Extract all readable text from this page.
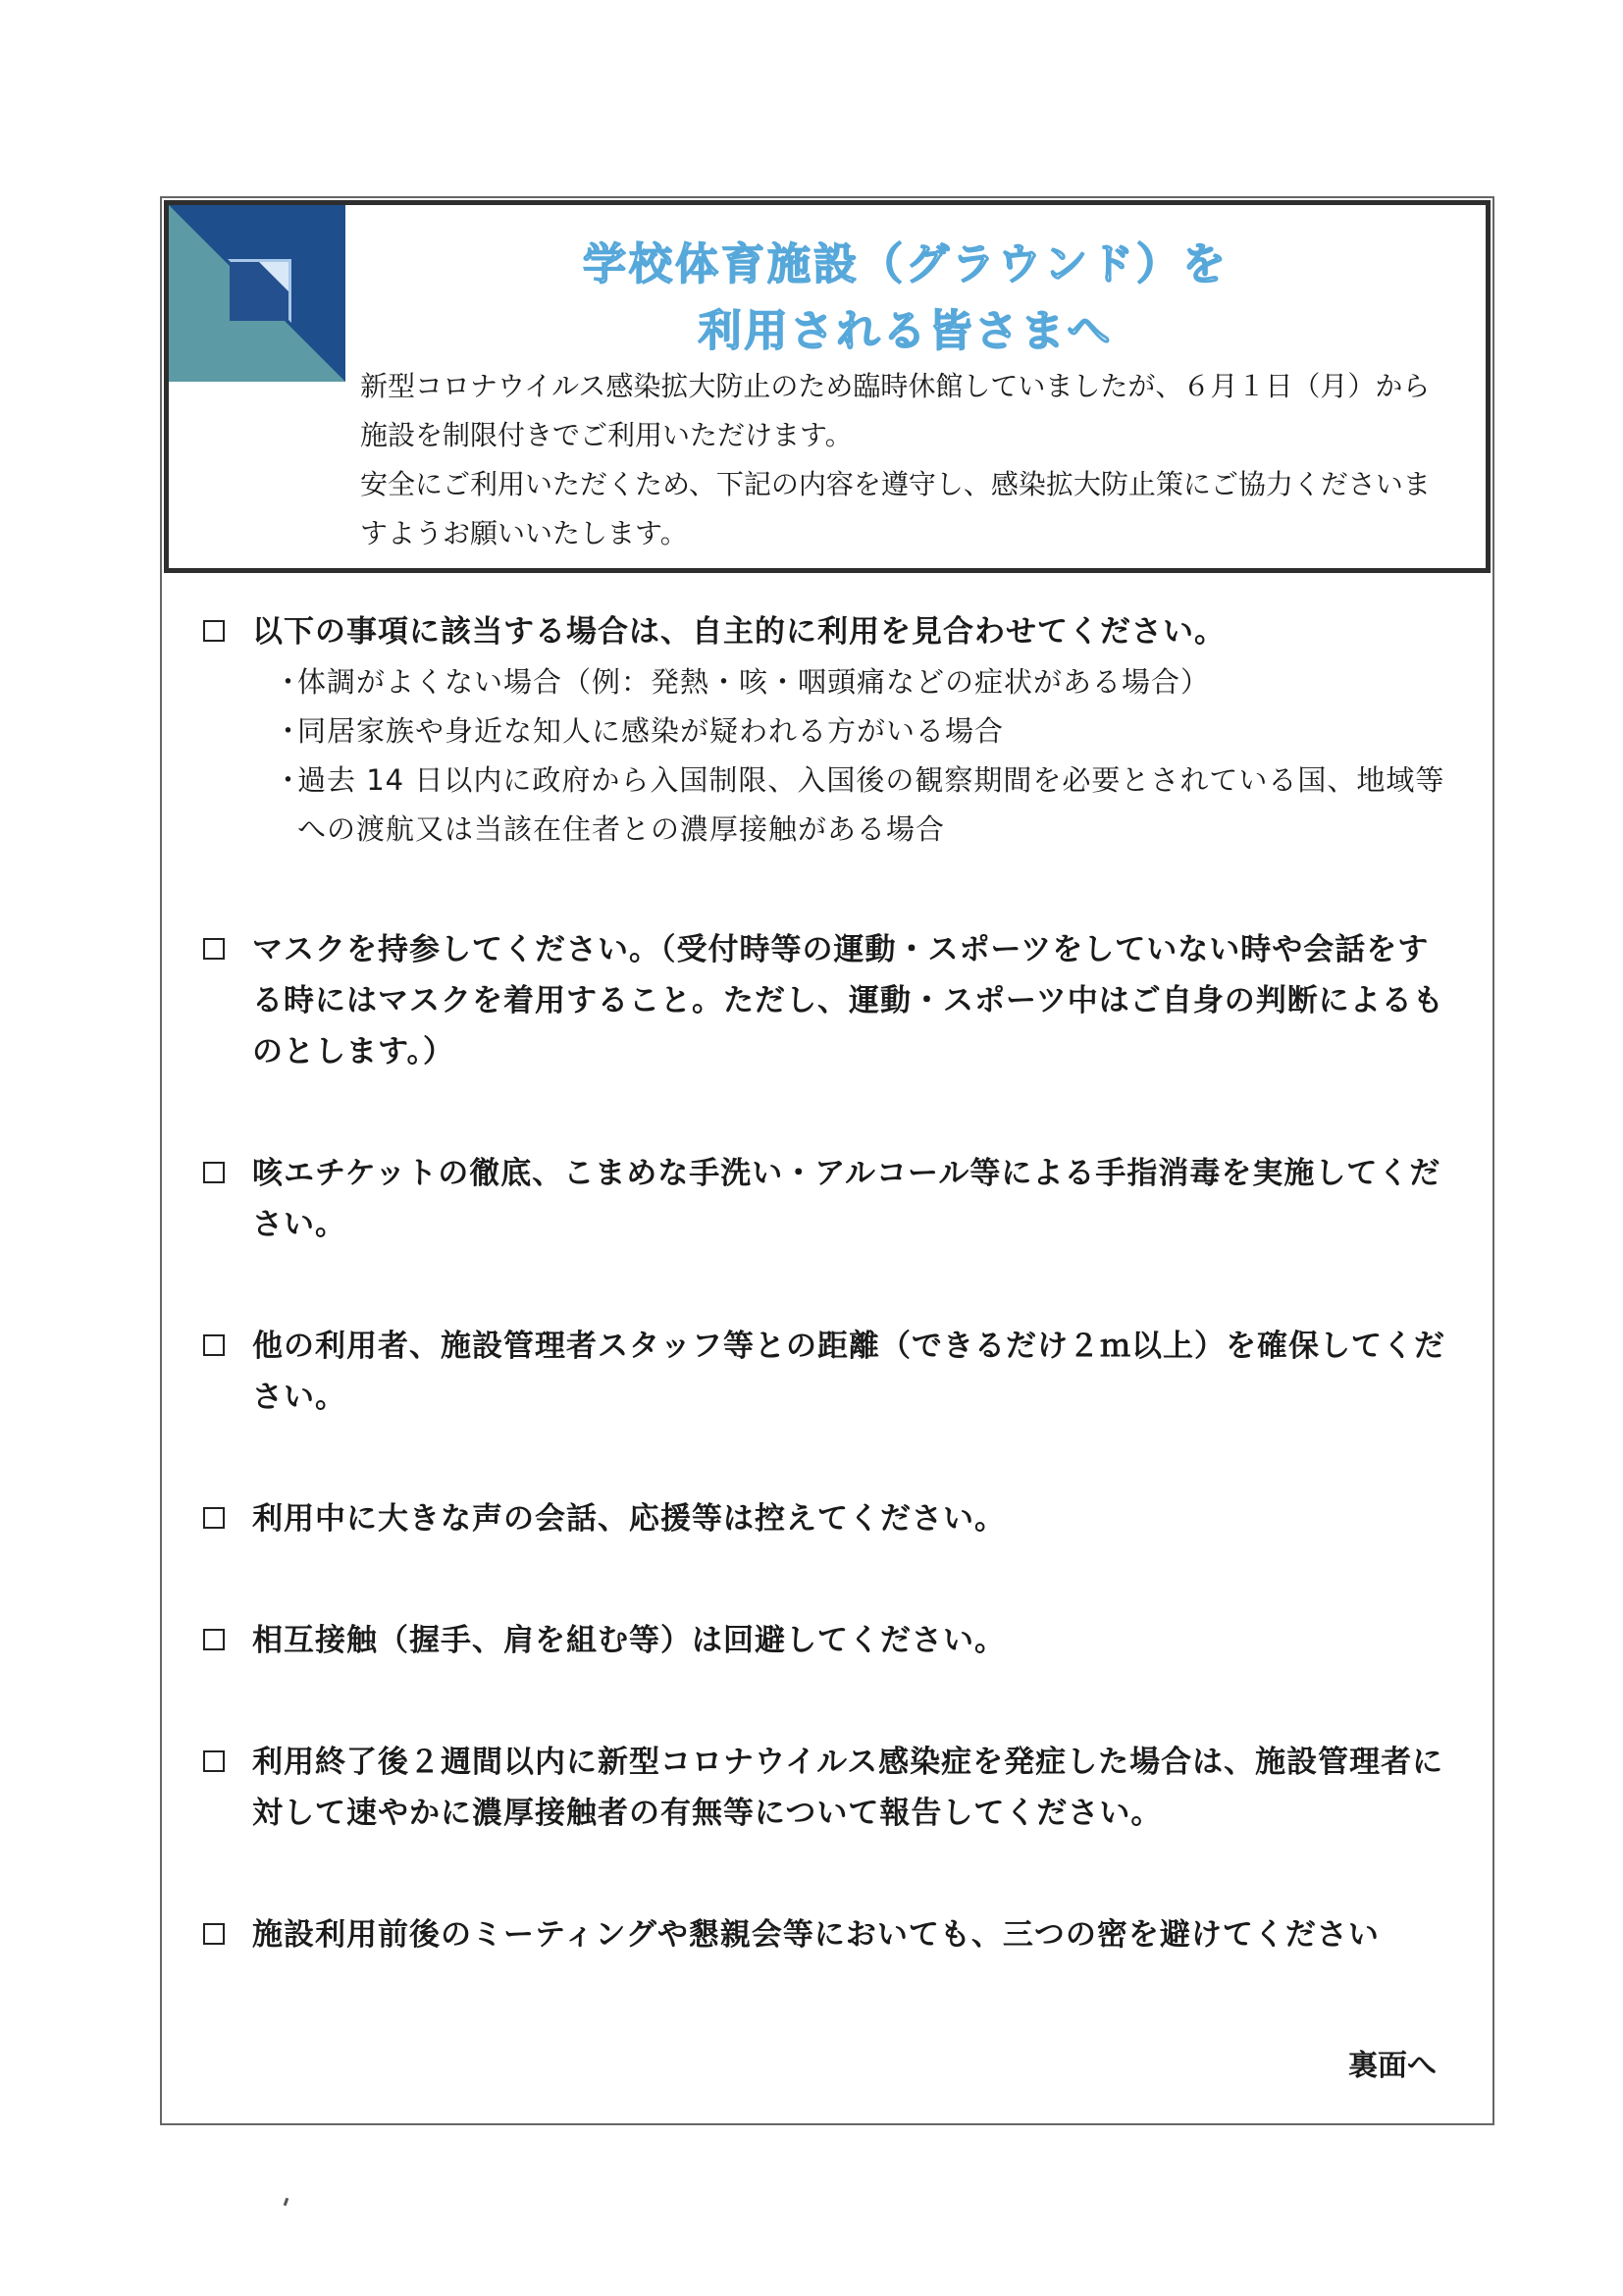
学校体育施設（グラウンド）を
利用される皆さまへ

新型コロナウイルス感染拡大防止のため臨時休館していましたが、６月１日（月）から施設を制限付きでご利用いただけます。

安全にご利用いただくため、下記の内容を遵守し、感染拡大防止策にご協力くださいますようお願いいたします。

以下の事項に該当する場合は、自主的に利用を見合わせてください。
・
体調がよくない場合（例：発熱・咳・咽頭痛などの症状がある場合）
・
同居家族や身近な知人に感染が疑われる方がいる場合
・
過去 14 日以内に政府から入国制限、入国後の観察期間を必要とされている国、地域等への渡航又は当該在住者との濃厚接触がある場合
マスクを持参してください。（受付時等の運動・スポーツをしていない時や会話をする時にはマスクを着用すること。ただし、運動・スポーツ中はご自身の判断によるものとします。）
咳エチケットの徹底、こまめな手洗い・アルコール等による手指消毒を実施してください。
他の利用者、施設管理者スタッフ等との距離（できるだけ２ｍ以上）を確保してください。
利用中に大きな声の会話、応援等は控えてください。
相互接触（握手、肩を組む等）は回避してください。
利用終了後２週間以内に新型コロナウイルス感染症を発症した場合は、施設管理者に対して速やかに濃厚接触者の有無等について報告してください。
施設利用前後のミーティングや懇親会等においても、三つの密を避けてください
裏面へ
